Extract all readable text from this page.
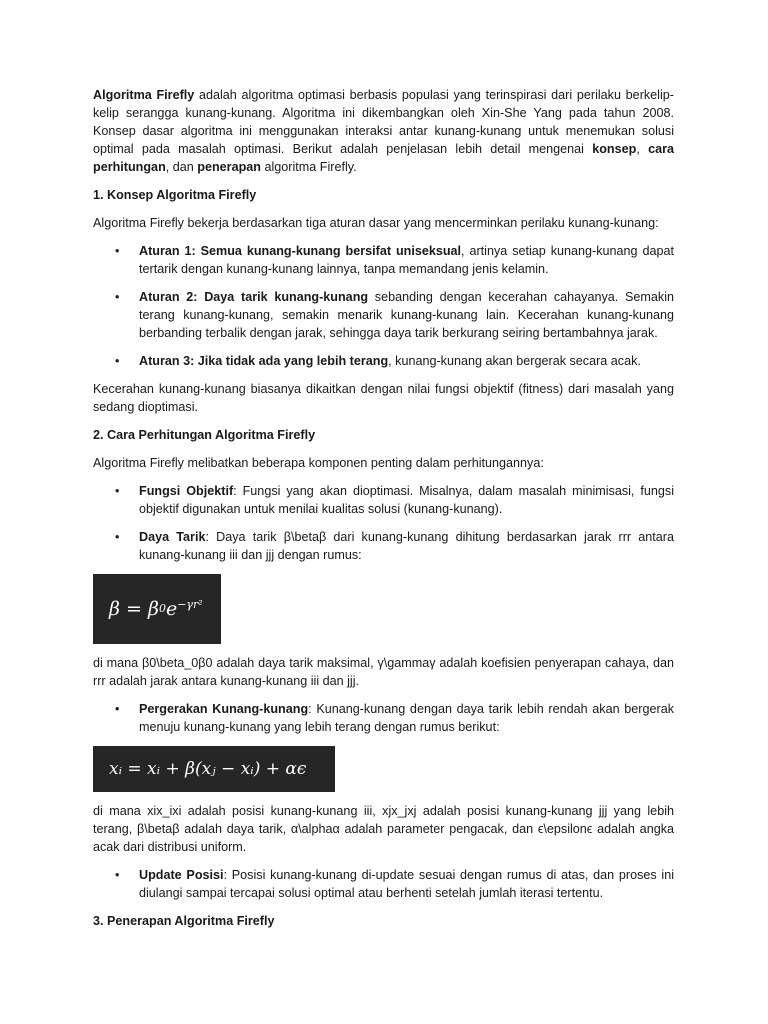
Algoritma Firefly adalah algoritma optimasi berbasis populasi yang terinspirasi dari perilaku berkelip-kelip serangga kunang-kunang. Algoritma ini dikembangkan oleh Xin-She Yang pada tahun 2008. Konsep dasar algoritma ini menggunakan interaksi antar kunang-kunang untuk menemukan solusi optimal pada masalah optimasi. Berikut adalah penjelasan lebih detail mengenai konsep, cara perhitungan, dan penerapan algoritma Firefly.

1. Konsep Algoritma Firefly

Algoritma Firefly bekerja berdasarkan tiga aturan dasar yang mencerminkan perilaku kunang-kunang:

• Aturan 1: Semua kunang-kunang bersifat uniseksual, artinya setiap kunang-kunang dapat tertarik dengan kunang-kunang lainnya, tanpa memandang jenis kelamin.
• Aturan 2: Daya tarik kunang-kunang sebanding dengan kecerahan cahayanya. Semakin terang kunang-kunang, semakin menarik kunang-kunang lain. Kecerahan kunang-kunang berbanding terbalik dengan jarak, sehingga daya tarik berkurang seiring bertambahnya jarak.
• Aturan 3: Jika tidak ada yang lebih terang, kunang-kunang akan bergerak secara acak.

Kecerahan kunang-kunang biasanya dikaitkan dengan nilai fungsi objektif (fitness) dari masalah yang sedang dioptimasi.

2. Cara Perhitungan Algoritma Firefly

Algoritma Firefly melibatkan beberapa komponen penting dalam perhitungannya:

• Fungsi Objektif: Fungsi yang akan dioptimasi. Misalnya, dalam masalah minimisasi, fungsi objektif digunakan untuk menilai kualitas solusi (kunang-kunang).
• Daya Tarik: Daya tarik β\betaβ dari kunang-kunang dihitung berdasarkan jarak rrr antara kunang-kunang iii dan jjj dengan rumus:
β = β 0 $e^{-\gamma r^2}$

di mana β0\beta_0β0 adalah daya tarik maksimal, γ\gammaγ adalah koefisien penyerapan cahaya, dan rrr adalah jarak antara kunang-kunang iii dan jjj.

• Pergerakan Kunang-kunang: Kunang-kunang dengan daya tarik lebih rendah akan bergerak menuju kunang-kunang yang lebih terang dengan rumus berikut:
xᵢ = xᵢ + β(xⱼ − xᵢ) + αϵ

di mana xix_ixi adalah posisi kunang-kunang iii, xjx_jxj adalah posisi kunang-kunang jjj yang lebih terang, β\betaβ adalah daya tarik, α\alphaα adalah parameter pengacak, dan ϵ\epsilonϵ adalah angka acak dari distribusi uniform.

• Update Posisi: Posisi kunang-kunang di-update sesuai dengan rumus di atas, dan proses ini diulangi sampai tercapai solusi optimal atau berhenti setelah jumlah iterasi tertentu.

3. Penerapan Algoritma Firefly
